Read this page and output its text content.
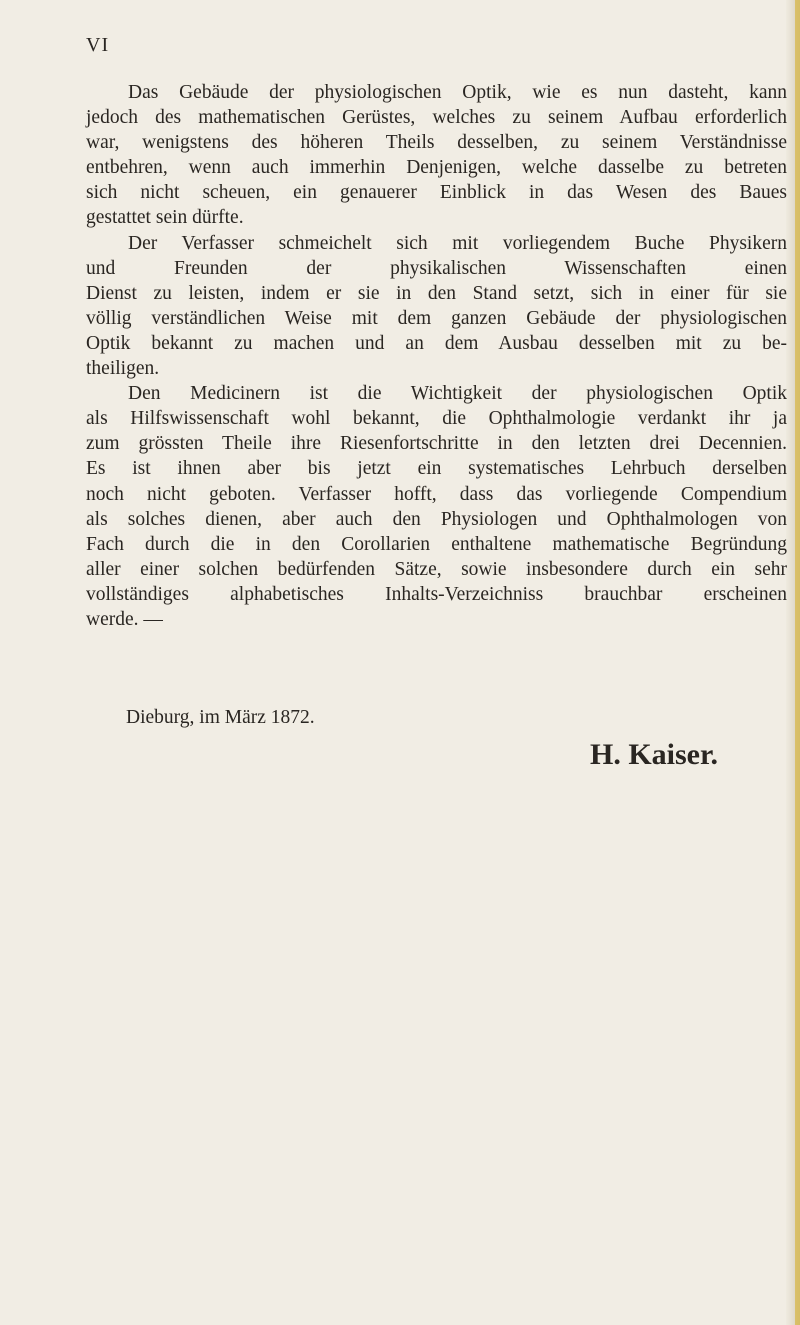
VI
Das Gebäude der physiologischen Optik, wie es nun dasteht, kann
jedoch des mathematischen Gerüstes, welches zu seinem Aufbau erforderlich
war, wenigstens des höheren Theils desselben, zu seinem Verständnisse
entbehren, wenn auch immerhin Denjenigen, welche dasselbe zu betreten
sich nicht scheuen, ein genauerer Einblick in das Wesen des Baues
gestattet sein dürfte.
Der Verfasser schmeichelt sich mit vorliegendem Buche Physikern
und Freunden der physikalischen Wissenschaften einen
Dienst zu leisten, indem er sie in den Stand setzt, sich in einer für sie
völlig verständlichen Weise mit dem ganzen Gebäude der physiologischen
Optik bekannt zu machen und an dem Ausbau desselben mit zu be-
theiligen.
Den Medicinern ist die Wichtigkeit der physiologischen Optik
als Hilfswissenschaft wohl bekannt, die Ophthalmologie verdankt ihr ja
zum grössten Theile ihre Riesenfortschritte in den letzten drei Decennien.
Es ist ihnen aber bis jetzt ein systematisches Lehrbuch derselben
noch nicht geboten. Verfasser hofft, dass das vorliegende Compendium
als solches dienen, aber auch den Physiologen und Ophthalmologen von
Fach durch die in den Corollarien enthaltene mathematische Begründung
aller einer solchen bedürfenden Sätze, sowie insbesondere durch ein sehr
vollständiges alphabetisches Inhalts-Verzeichniss brauchbar erscheinen
werde. —
Dieburg, im März 1872.
H. Kaiser.
